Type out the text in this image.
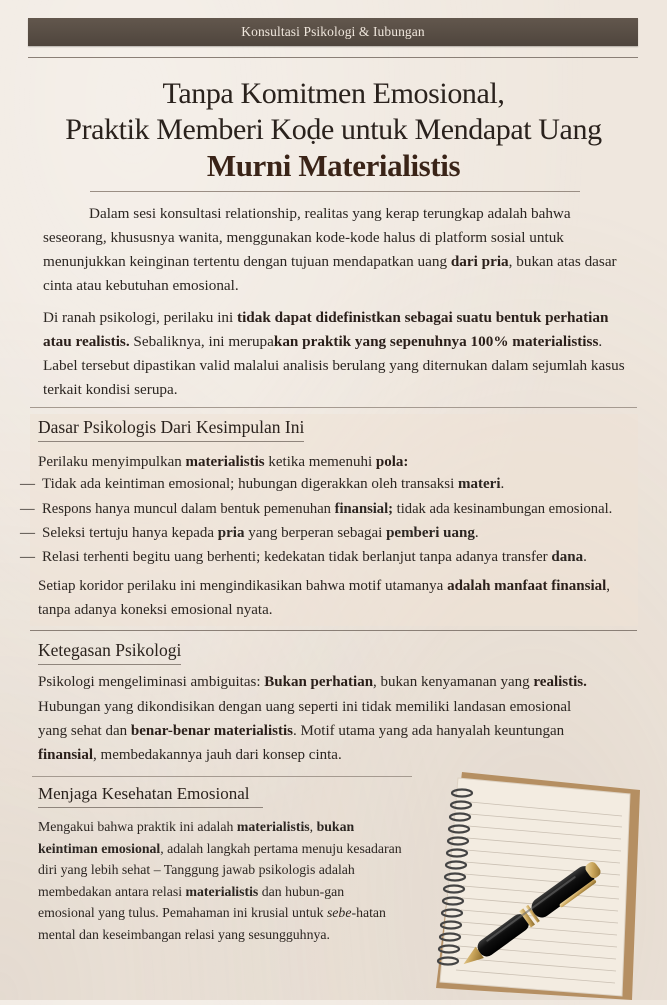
Konsultasi Psikologi & Iubungan
Tanpa Komitmen Emosional,
Praktik Memberi Koḍe untuk Mendapat Uang
Murni Materialistis
Dalam sesi konsultasi relationship, realitas yang kerap terungkap adalah bahwa seseorang, khususnya wanita, menggunakan kode-kode halus di platform sosial untuk menunjukkan keinginan tertentu dengan tujuan mendapatkan uang dari pria, bukan atas dasar cinta atau kebutuhan emosional.
Di ranah psikologi, perilaku ini tidak dapat didefinistkan sebagai suatu bentuk perhatian atau realistis. Sebaliknya, ini merupakan praktik yang sepenuhnya 100% materialistiss. Label tersebut dipastikan valid malalui analisis berulang yang diternukan dalam sejumlah kasus terkait kondisi serupa.
Dasar Psikologis Dari Kesimpulan Ini
Perilaku menyimpulkan materialistis ketika memenuhi pola:
— Tidak ada keintiman emosional; hubungan digerakkan oleh transaksi materi.
— Respons hanya muncul dalam bentuk pemenuhan finansial; tidak ada kesinambungan emosional.
— Seleksi tertuju hanya kepada pria yang berperan sebagai pemberi uang.
— Relasi terhenti begitu uang berhenti; kedekatan tidak berlanjut tanpa adanya transfer dana.
Setiap koridor perilaku ini mengindikasikan bahwa motif utamanya adalah manfaat finansial, tanpa adanya koneksi emosional nyata.
Ketegasan Psikologi
Psikologi mengeliminasi ambiguitas: Bukan perhatian, bukan kenyamanan yang realistis.
Hubungan yang dikondisikan dengan uang seperti ini tidak memiliki landasan emosional yang sehat dan benar-benar materialistis. Motif utama yang ada hanyalah keuntungan finansial, membedakannya jauh dari konsep cinta.
Menjaga Kesehatan Emosional
Mengakui bahwa praktik ini adalah materialistis, bukan keintiman emosional, adalah langkah pertama menuju kesadaran diri yang lebih sehat – Tanggung jawab psikologis adalah membedakan antara relasi materialistis dan hubun-gan emosional yang tulus. Pemahaman ini krusial untuk sebe-hatan mental dan keseimbangan relasi yang sesungguhnya.
